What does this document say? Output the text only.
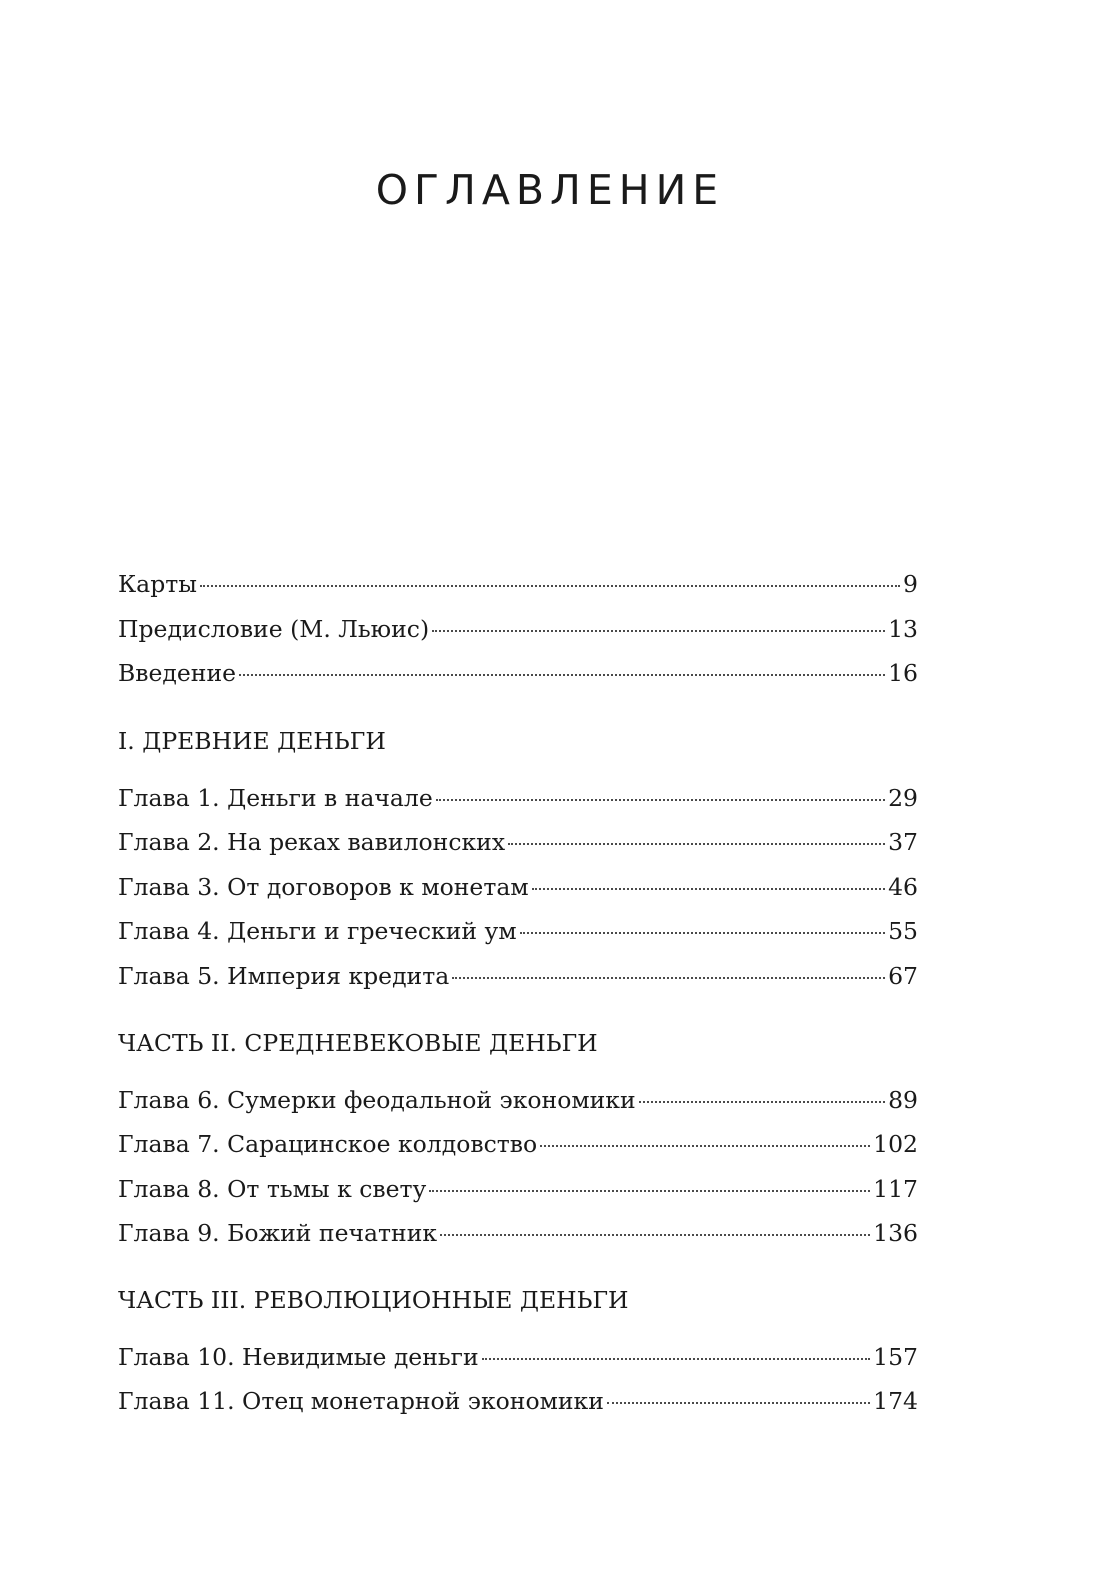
ОГЛАВЛЕНИЕ
Карты	9
Предисловие (М. Льюис)	13
Введение	16
I. ДРЕВНИЕ ДЕНЬГИ
Глава 1. Деньги в начале	29
Глава 2. На реках вавилонских	37
Глава 3. От договоров к монетам	46
Глава 4. Деньги и греческий ум	55
Глава 5. Империя кредита	67
ЧАСТЬ II. СРЕДНЕВЕКОВЫЕ ДЕНЬГИ
Глава 6. Сумерки феодальной экономики	89
Глава 7. Сарацинское колдовство	102
Глава 8. От тьмы к свету	117
Глава 9. Божий печатник	136
ЧАСТЬ III. РЕВОЛЮЦИОННЫЕ ДЕНЬГИ
Глава 10. Невидимые деньги	157
Глава 11. Отец монетарной экономики	174
